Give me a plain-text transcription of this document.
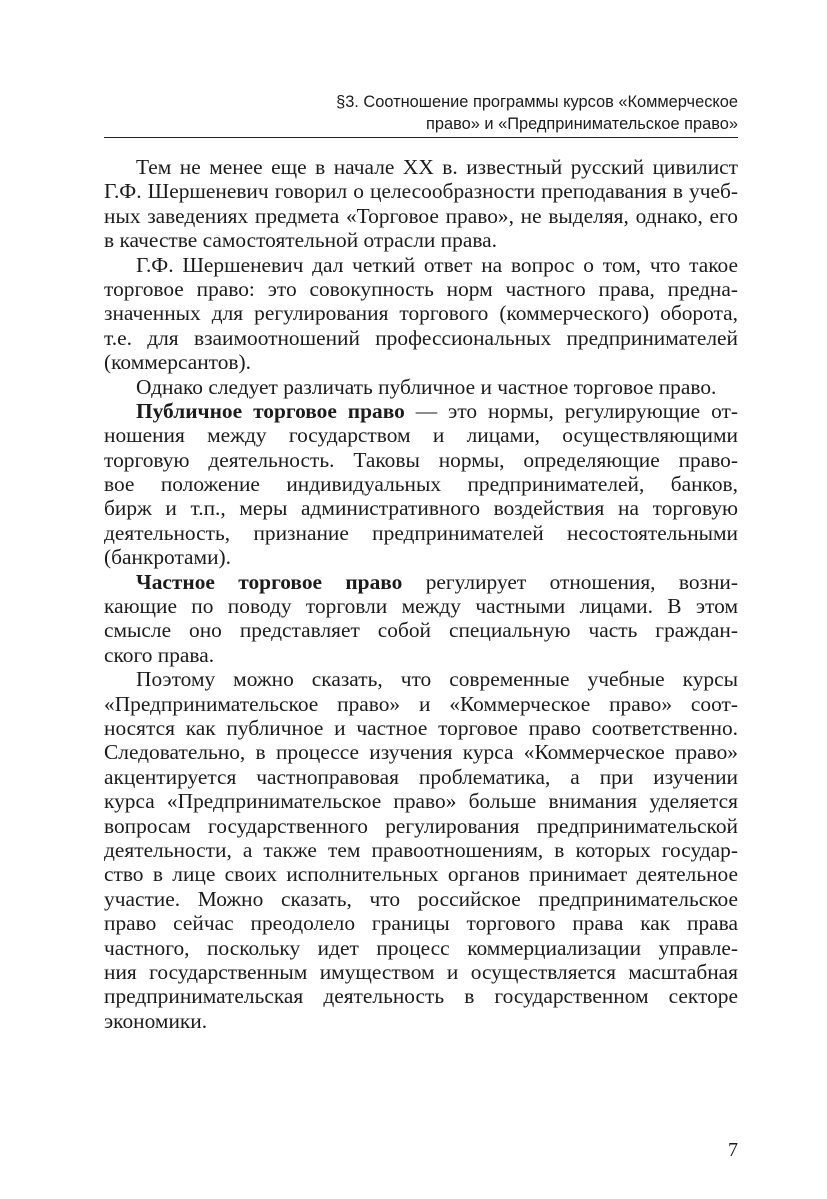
§3. Соотношение программы курсов «Коммерческое
право» и «Предпринимательское право»
Тем не менее еще в начале XX в. известный русский цивилист
Г.Ф. Шершеневич говорил о целесообразности преподавания в учеб-
ных заведениях предмета «Торговое право», не выделяя, однако, его
в качестве самостоятельной отрасли права.
Г.Ф. Шершеневич дал четкий ответ на вопрос о том, что такое
торговое право: это совокупность норм частного права, предна-
значенных для регулирования торгового (коммерческого) оборота,
т.е. для взаимоотношений профессиональных предпринимателей
(коммерсантов).
Однако следует различать публичное и частное торговое право.
Публичное торговое право — это нормы, регулирующие от-
ношения между государством и лицами, осуществляющими
торговую деятельность. Таковы нормы, определяющие право-
вое положение индивидуальных предпринимателей, банков,
бирж и т.п., меры административного воздействия на торговую
деятельность, признание предпринимателей несостоятельными
(банкротами).
Частное торговое право регулирует отношения, возни-
кающие по поводу торговли между частными лицами. В этом
смысле оно представляет собой специальную часть граждан-
ского права.
Поэтому можно сказать, что современные учебные курсы
«Предпринимательское право» и «Коммерческое право» соот-
носятся как публичное и частное торговое право соответственно.
Следовательно, в процессе изучения курса «Коммерческое право»
акцентируется частноправовая проблематика, а при изучении
курса «Предпринимательское право» больше внимания уделяется
вопросам государственного регулирования предпринимательской
деятельности, а также тем правоотношениям, в которых государ-
ство в лице своих исполнительных органов принимает деятельное
участие. Можно сказать, что российское предпринимательское
право сейчас преодолело границы торгового права как права
частного, поскольку идет процесс коммерциализации управле-
ния государственным имуществом и осуществляется масштабная
предпринимательская деятельность в государственном секторе
экономики.
7
